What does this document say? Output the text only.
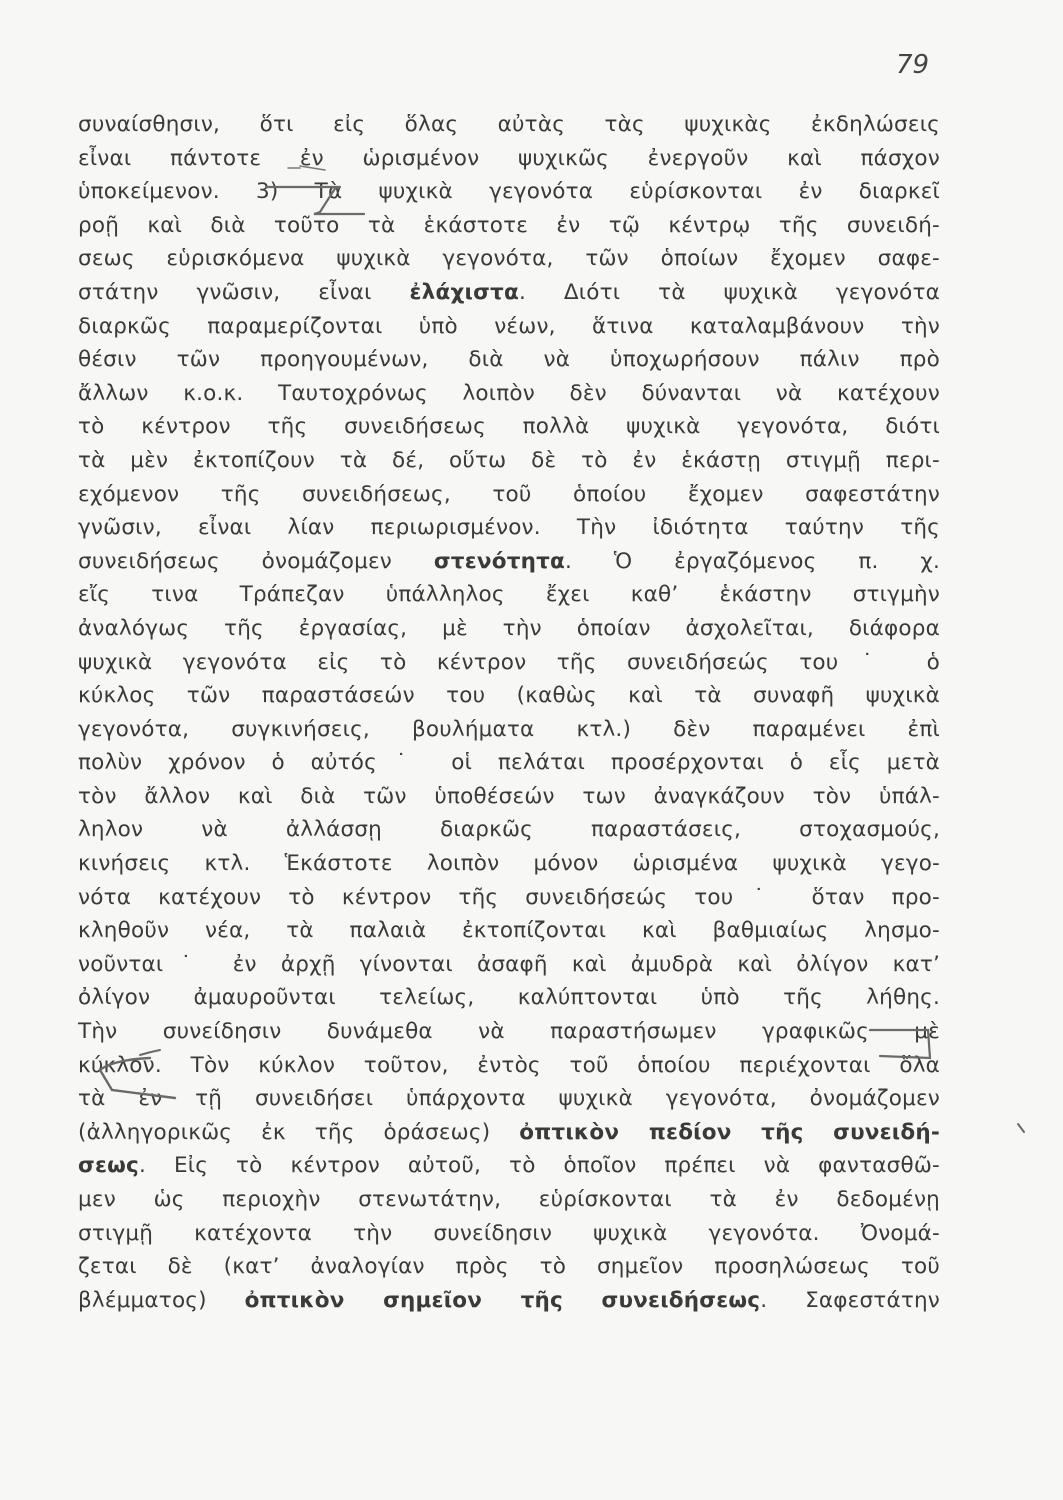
79
συναίσθησιν, ὅτι εἰς ὅλας αὐτὰς τὰς ψυχικὰς ἐκδηλώσεις
εἶναι πάντοτε ἐν ὡρισμένον ψυχικῶς ἐνεργοῦν καὶ πάσχον
ὑποκείμενον. 3) Τὰ ψυχικὰ γεγονότα εὑρίσκονται ἐν διαρκεῖ
ροῇ καὶ διὰ τοῦτο τὰ ἑκάστοτε ἐν τῷ κέντρῳ τῆς συνειδή-
σεως εὑρισκόμενα ψυχικὰ γεγονότα, τῶν ὁποίων ἔχομεν σαφε-
στάτην γνῶσιν, εἶναι ἐλάχιστα. Διότι τὰ ψυχικὰ γεγονότα
διαρκῶς παραμερίζονται ὑπὸ νέων, ἅτινα καταλαμβάνουν τὴν
θέσιν τῶν προηγουμένων, διὰ νὰ ὑποχωρήσουν πάλιν πρὸ
ἄλλων κ.ο.κ. Ταυτοχρόνως λοιπὸν δὲν δύνανται νὰ κατέχουν
τὸ κέντρον τῆς συνειδήσεως πολλὰ ψυχικὰ γεγονότα, διότι
τὰ μὲν ἐκτοπίζουν τὰ δέ, οὕτω δὲ τὸ ἐν ἑκάστῃ στιγμῇ περι-
εχόμενον τῆς συνειδήσεως, τοῦ ὁποίου ἔχομεν σαφεστάτην
γνῶσιν, εἶναι λίαν περιωρισμένον. Τὴν ἰδιότητα ταύτην τῆς
συνειδήσεως ὀνομάζομεν στενότητα. Ὁ ἐργαζόμενος π. χ.
εἴς τινα Τράπεζαν ὑπάλληλος ἔχει καθ’ ἑκάστην στιγμὴν
ἀναλόγως τῆς ἐργασίας, μὲ τὴν ὁποίαν ἀσχολεῖται, διάφορα
ψυχικὰ γεγονότα εἰς τὸ κέντρον τῆς συνειδήσεώς του˙ ὁ
κύκλος τῶν παραστάσεών του (καθὼς καὶ τὰ συναφῆ ψυχικὰ
γεγονότα, συγκινήσεις, βουλήματα κτλ.) δὲν παραμένει ἐπὶ
πολὺν χρόνον ὁ αὐτός˙ οἱ πελάται προσέρχονται ὁ εἷς μετὰ
τὸν ἄλλον καὶ διὰ τῶν ὑποθέσεών των ἀναγκάζουν τὸν ὑπάλ-
ληλον νὰ ἀλλάσσῃ διαρκῶς παραστάσεις, στοχασμούς,
κινήσεις κτλ. Ἑκάστοτε λοιπὸν μόνον ὡρισμένα ψυχικὰ γεγο-
νότα κατέχουν τὸ κέντρον τῆς συνειδήσεώς του˙ ὅταν προ-
κληθοῦν νέα, τὰ παλαιὰ ἐκτοπίζονται καὶ βαθμιαίως λησμο-
νοῦνται˙ ἐν ἀρχῇ γίνονται ἀσαφῆ καὶ ἀμυδρὰ καὶ ὀλίγον κατ’
ὀλίγον ἀμαυροῦνται τελείως, καλύπτονται ὑπὸ τῆς λήθης.
Τὴν συνείδησιν δυνάμεθα νὰ παραστήσωμεν γραφικῶς μὲ
κύκλον. Τὸν κύκλον τοῦτον, ἐντὸς τοῦ ὁποίου περιέχονται ὅλα
τὰ ἐν τῇ συνειδήσει ὑπάρχοντα ψυχικὰ γεγονότα, ὀνομάζομεν
(ἀλληγορικῶς ἐκ τῆς ὁράσεως) ὀπτικὸν πεδίον τῆς συνειδή-
σεως. Εἰς τὸ κέντρον αὐτοῦ, τὸ ὁποῖον πρέπει νὰ φαντασθῶ-
μεν ὡς περιοχὴν στενωτάτην, εὑρίσκονται τὰ ἐν δεδομένῃ
στιγμῇ κατέχοντα τὴν συνείδησιν ψυχικὰ γεγονότα. Ὀνομά-
ζεται δὲ (κατ’ ἀναλογίαν πρὸς τὸ σημεῖον προσηλώσεως τοῦ
βλέμματος) ὀπτικὸν σημεῖον τῆς συνειδήσεως. Σαφεστάτην
